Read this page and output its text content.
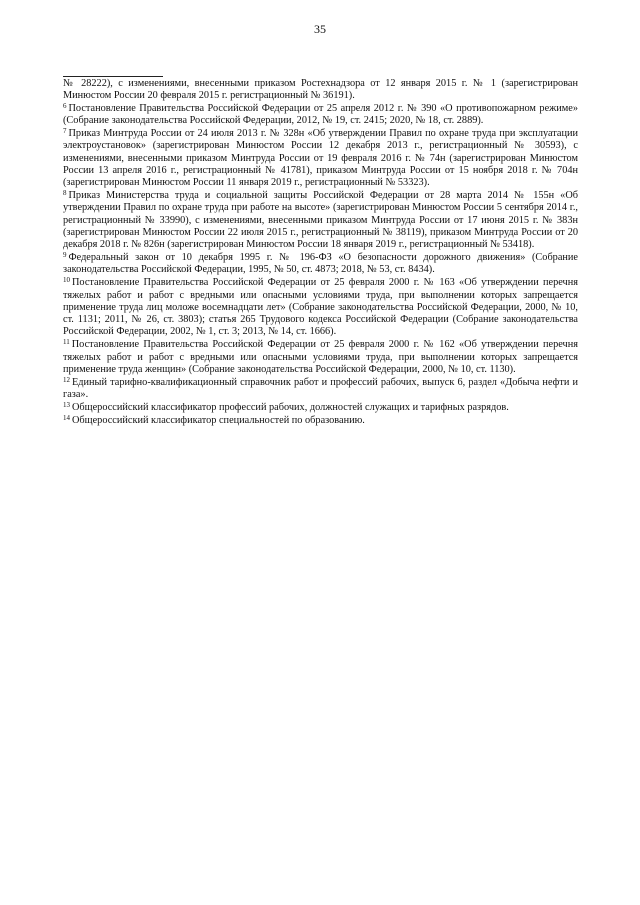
35

№ 28222), с изменениями, внесенными приказом Ростехнадзора от 12 января 2015 г. № 1 (зарегистрирован Минюстом России 20 февраля 2015 г. регистрационный № 36191).

$^6$ Постановление Правительства Российской Федерации от 25 апреля 2012 г. № 390 «О противопожарном режиме» (Собрание законодательства Российской Федерации, 2012, № 19, ст. 2415; 2020, № 18, ст. 2889).

$^7$ Приказ Минтруда России от 24 июля 2013 г. № 328н «Об утверждении Правил по охране труда при эксплуатации электроустановок» (зарегистрирован Минюстом России 12 декабря 2013 г., регистрационный № 30593), с изменениями, внесенными приказом Минтруда России от 19 февраля 2016 г. № 74н (зарегистрирован Минюстом России 13 апреля 2016 г., регистрационный № 41781), приказом Минтруда России от 15 ноября 2018 г. № 704н (зарегистрирован Минюстом России 11 января 2019 г., регистрационный № 53323).

$^8$ Приказ Министерства труда и социальной защиты Российской Федерации от 28 марта 2014 № 155н «Об утверждении Правил по охране труда при работе на высоте» (зарегистрирован Минюстом России 5 сентября 2014 г., регистрационный № 33990), с изменениями, внесенными приказом Минтруда России от 17 июня 2015 г. № 383н (зарегистрирован Минюстом России 22 июля 2015 г., регистрационный № 38119), приказом Минтруда России от 20 декабря 2018 г. № 826н (зарегистрирован Минюстом России 18 января 2019 г., регистрационный № 53418).

$^9$ Федеральный закон от 10 декабря 1995 г. № 196-ФЗ «О безопасности дорожного движения» (Собрание законодательства Российской Федерации, 1995, № 50, ст. 4873; 2018, № 53, ст. 8434).

$^{10}$ Постановление Правительства Российской Федерации от 25 февраля 2000 г. № 163 «Об утверждении перечня тяжелых работ и работ с вредными или опасными условиями труда, при выполнении которых запрещается применение труда лиц моложе восемнадцати лет» (Собрание законодательства Российской Федерации, 2000, № 10, ст. 1131; 2011, № 26, ст. 3803); статья 265 Трудового кодекса Российской Федерации (Собрание законодательства Российской Федерации, 2002, № 1, ст. 3; 2013, № 14, ст. 1666).

$^{11}$ Постановление Правительства Российской Федерации от 25 февраля 2000 г. № 162 «Об утверждении перечня тяжелых работ и работ с вредными или опасными условиями труда, при выполнении которых запрещается применение труда женщин» (Собрание законодательства Российской Федерации, 2000, № 10, ст. 1130).

$^{12}$ Единый тарифно-квалификационный справочник работ и профессий рабочих, выпуск 6, раздел «Добыча нефти и газа».

$^{13}$ Общероссийский классификатор профессий рабочих, должностей служащих и тарифных разрядов.

$^{14}$ Общероссийский классификатор специальностей по образованию.
